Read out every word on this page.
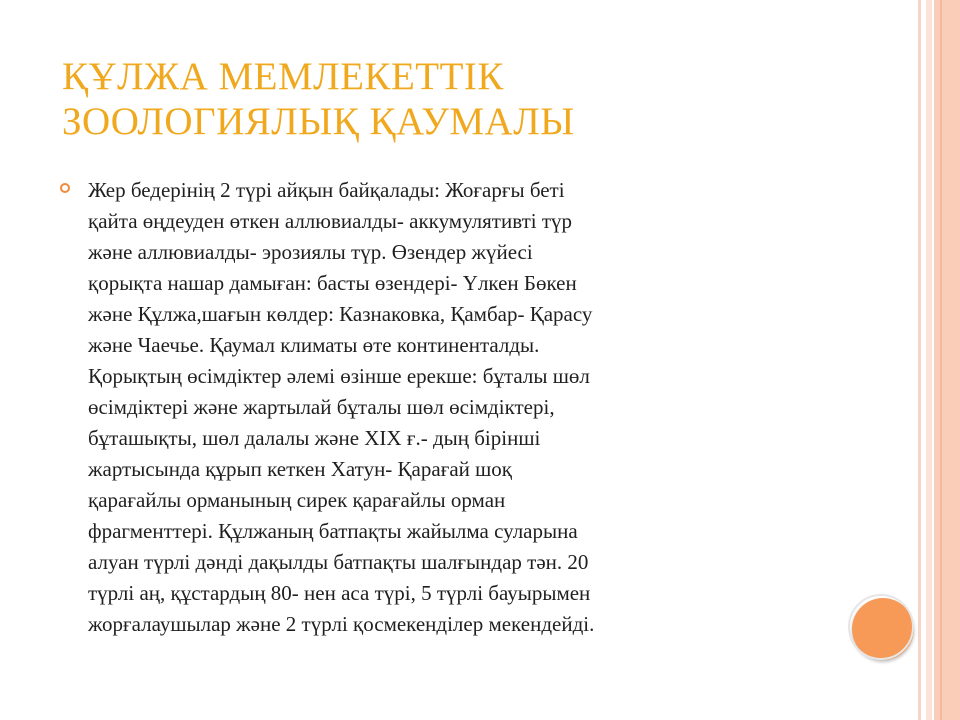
ҚҰЛЖА МЕМЛЕКЕТТІК
ЗООЛОГИЯЛЫҚ ҚАУМАЛЫ

Жер бедерінің 2 түрі айқын байқалады: Жоғарғы беті
қайта өңдеуден өткен аллювиалды- аккумулятивті түр
және аллювиалды- эрозиялы түр. Өзендер жүйесі
қорықта нашар дамыған: басты өзендері- Үлкен Бөкен
және Құлжа,шағын көлдер: Казнаковка, Қамбар- Қарасу
және Чаечье. Қаумал климаты өте континенталды.
Қорықтың өсімдіктер әлемі өзінше ерекше: бұталы шөл
өсімдіктері және жартылай бұталы шөл өсімдіктері,
бұташықты, шөл далалы және XIX ғ.- дың бірінші
жартысында құрып кеткен Хатун- Қарағай шоқ
қарағайлы орманының сирек қарағайлы орман
фрагменттері. Құлжаның батпақты жайылма суларына
алуан түрлі дәнді дақылды батпақты шалғындар тән. 20
түрлі аң, құстардың 80- нен аса түрі, 5 түрлі бауырымен
жорғалаушылар және 2 түрлі қосмекенділер мекендейді.
